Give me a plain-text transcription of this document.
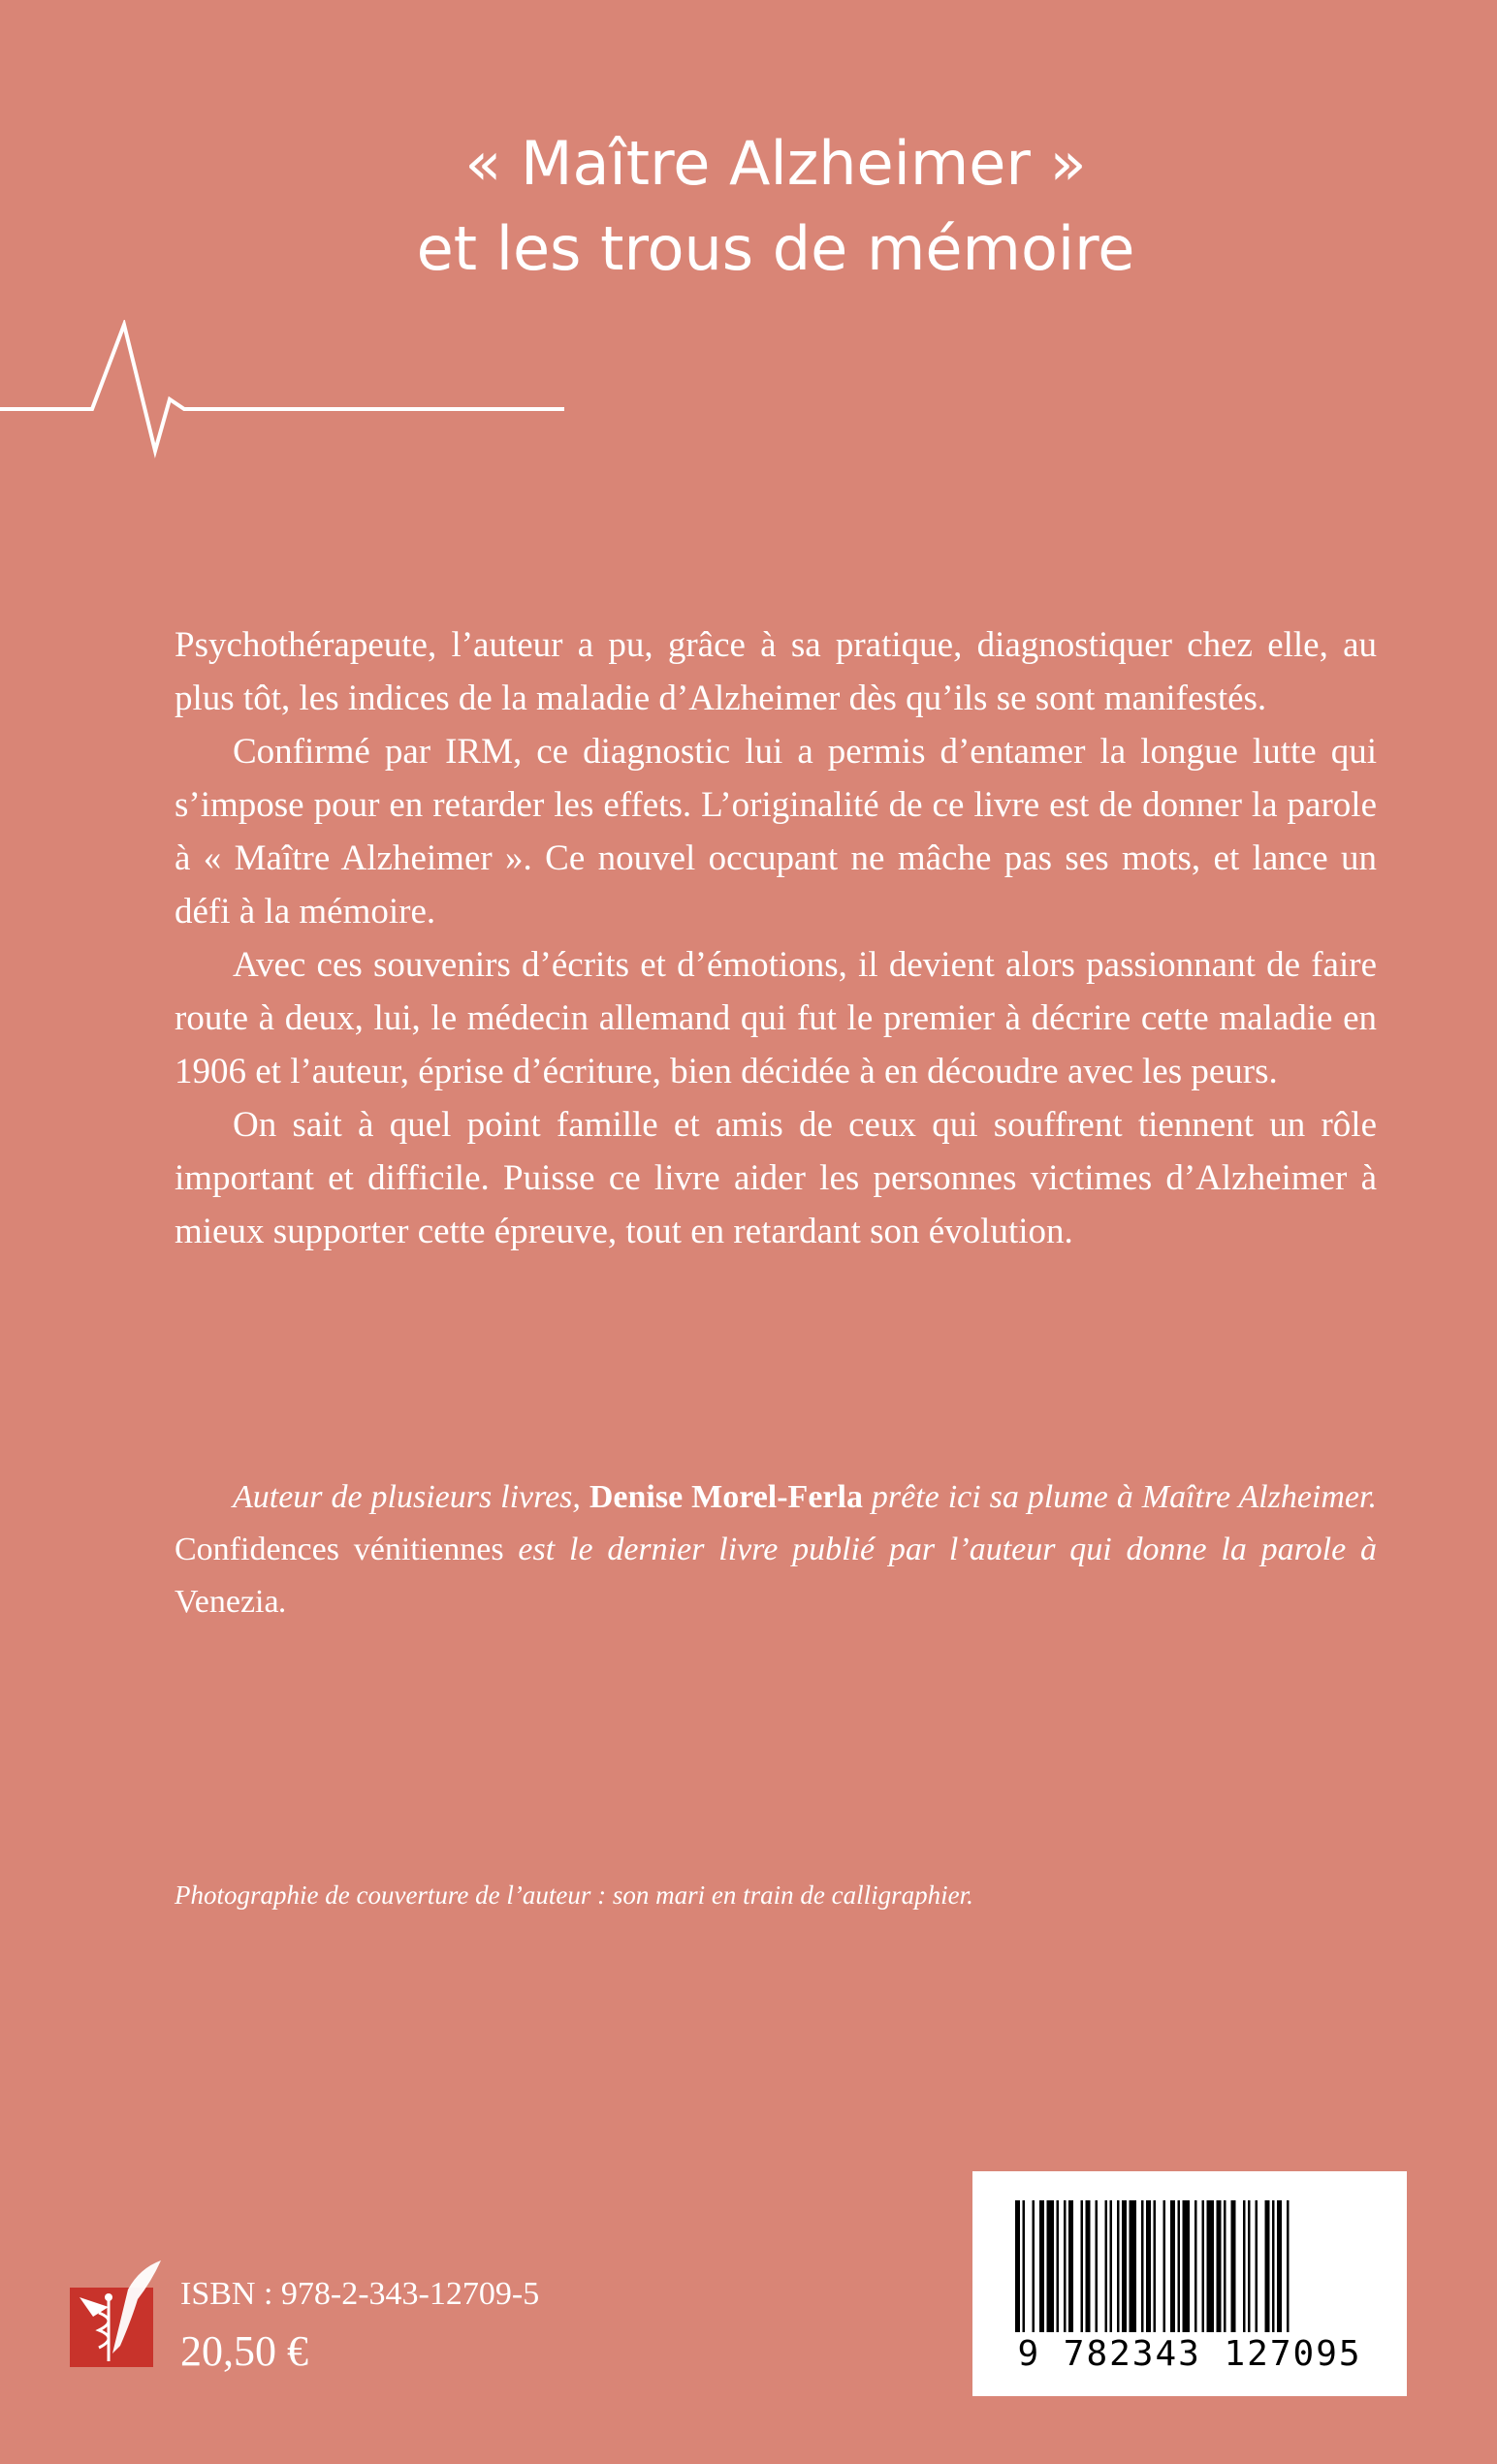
« Maître Alzheimer »
et les trous de mémoire

Psychothérapeute, l’auteur a pu, grâce à sa pratique, diagnostiquer chez elle, au plus tôt, les indices de la maladie d’Alzheimer dès qu’ils se sont manifestés.

Confirmé par IRM, ce diagnostic lui a permis d’entamer la longue lutte qui s’impose pour en retarder les effets. L’originalité de ce livre est de donner la parole à « Maître Alzheimer ». Ce nouvel occupant ne mâche pas ses mots, et lance un défi à la mémoire.

Avec ces souvenirs d’écrits et d’émotions, il devient alors passionnant de faire route à deux, lui, le médecin allemand qui fut le premier à décrire cette maladie en 1906 et l’auteur, éprise d’écriture, bien décidée à en découdre avec les peurs.

On sait à quel point famille et amis de ceux qui souffrent tiennent un rôle important et difficile. Puisse ce livre aider les personnes victimes d’Alzheimer à mieux supporter cette épreuve, tout en retardant son évolution.

Auteur de plusieurs livres, Denise Morel-Ferla prête ici sa plume à Maître Alzheimer. Confidences vénitiennes est le dernier livre publié par l’auteur qui donne la parole à Venezia.

Photographie de couverture de l’auteur : son mari en train de calligraphier.
ISBN : 978-2-343-12709-5
20,50 €	9 782343 127095
